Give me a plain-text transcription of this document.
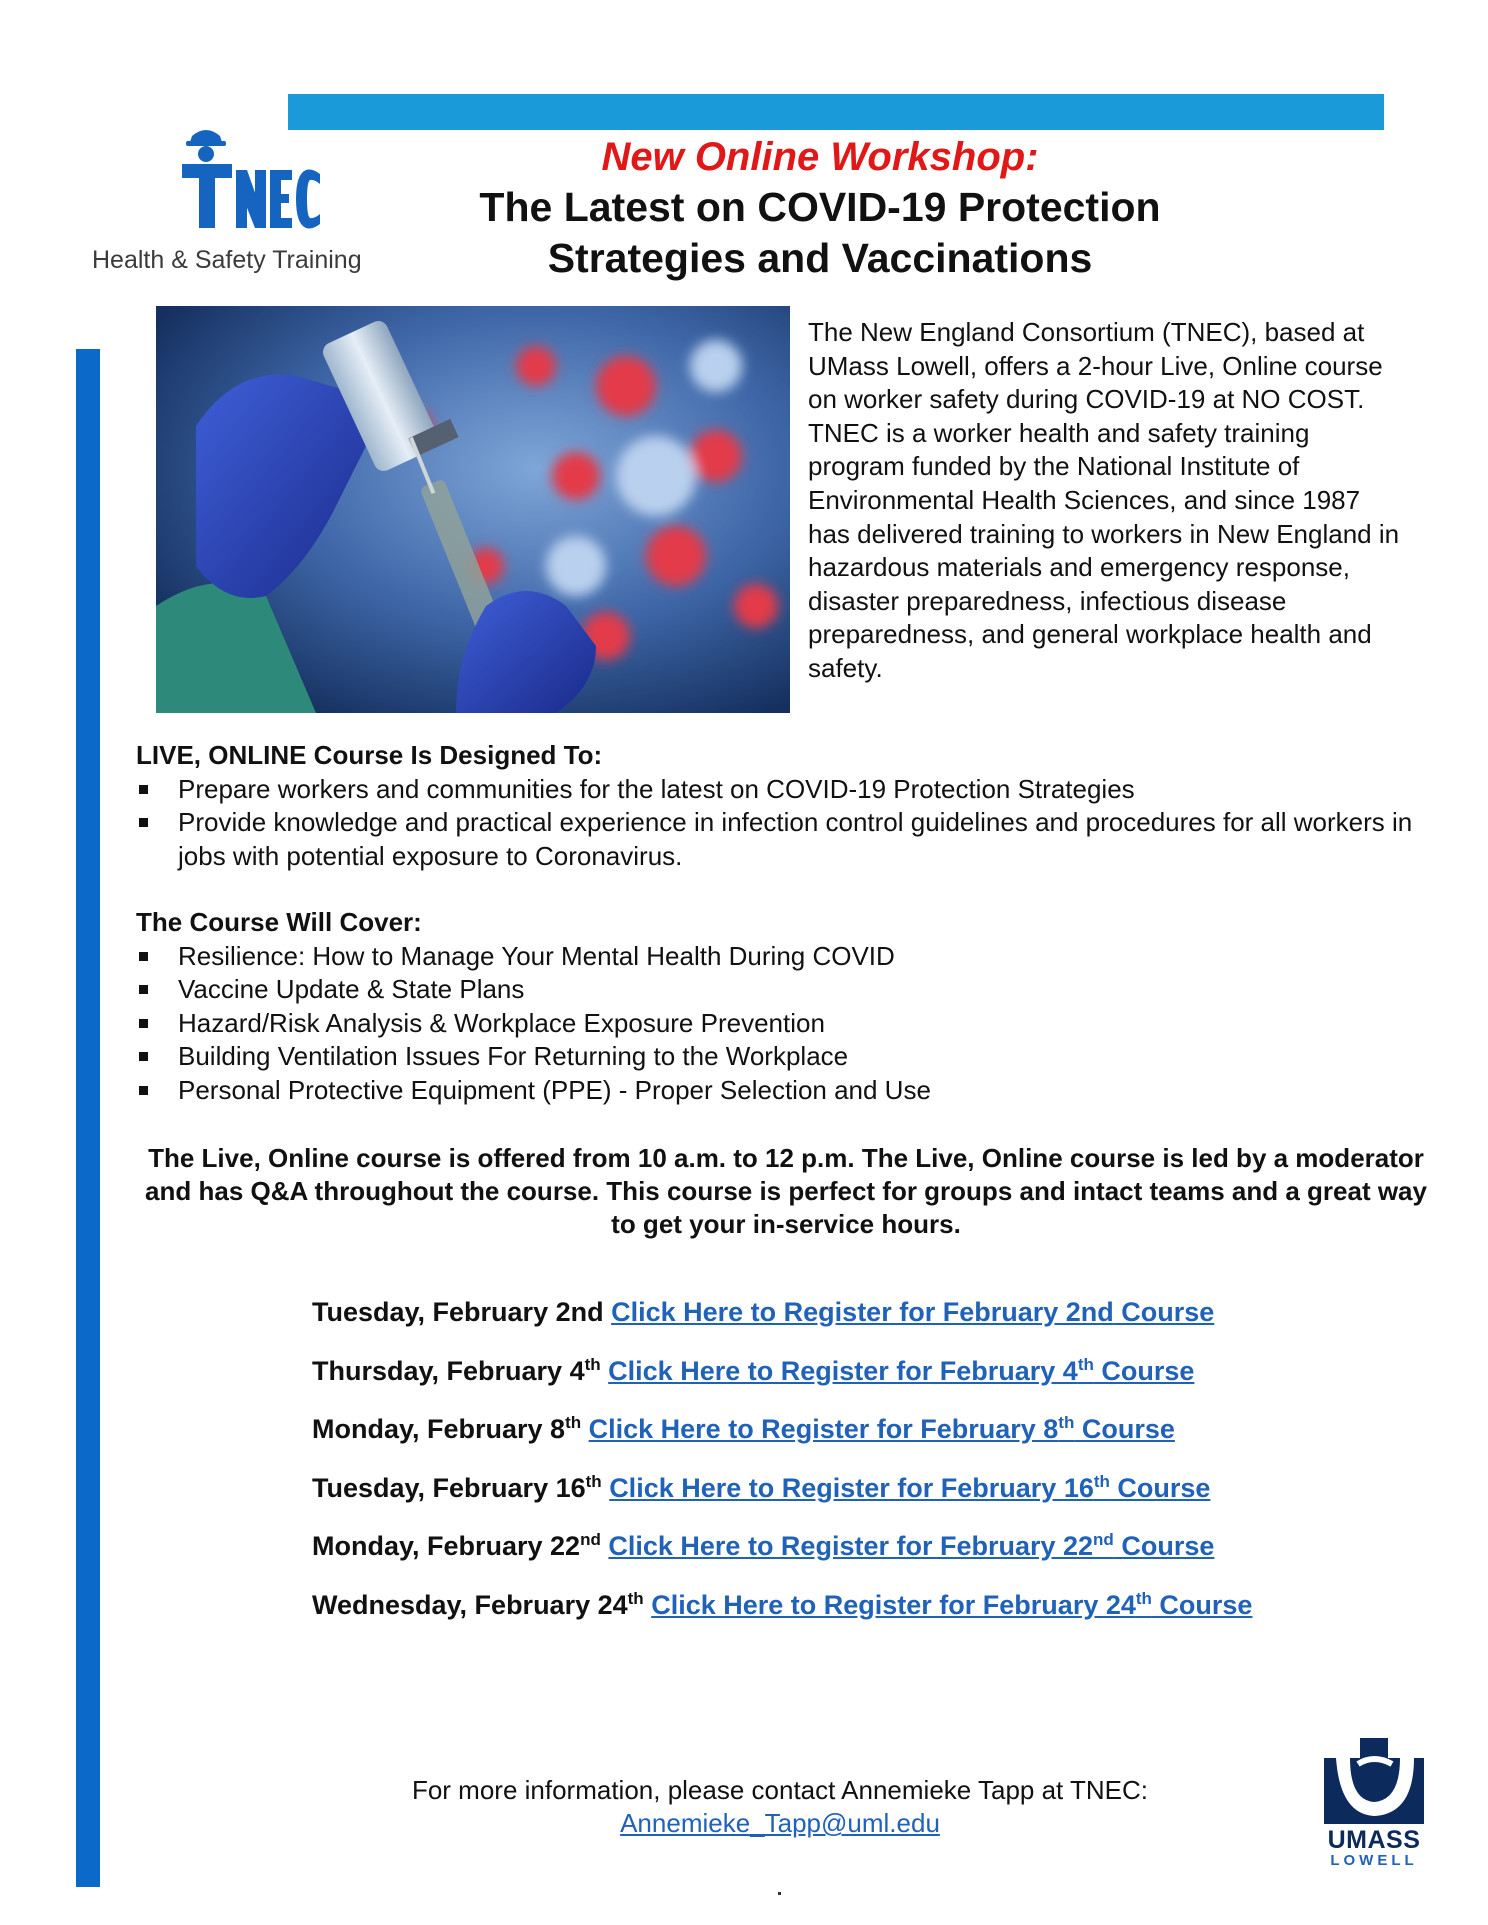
Health & Safety Training
New Online Workshop:
The Latest on COVID-19 Protection
Strategies and Vaccinations
The New England Consortium (TNEC), based at UMass Lowell, offers a 2-hour Live, Online course on worker safety during COVID-19 at NO COST. TNEC is a worker health and safety training program funded by the National Institute of Environmental Health Sciences, and since 1987 has delivered training to workers in New England in hazardous materials and emergency response, disaster preparedness, infectious disease preparedness, and general workplace health and safety.
LIVE, ONLINE Course Is Designed To:
Prepare workers and communities for the latest on COVID-19 Protection Strategies
Provide knowledge and practical experience in infection control guidelines and procedures for all workers in jobs with potential exposure to Coronavirus.
The Course Will Cover:
Resilience: How to Manage Your Mental Health During COVID
Vaccine Update & State Plans
Hazard/Risk Analysis & Workplace Exposure Prevention
Building Ventilation Issues For Returning to the Workplace
Personal Protective Equipment (PPE) - Proper Selection and Use
The Live, Online course is offered from 10 a.m. to 12 p.m. The Live, Online course is led by a moderator and has Q&A throughout the course. This course is perfect for groups and intact teams and a great way to get your in-service hours.
Tuesday, February 2nd Click Here to Register for February 2nd Course
Thursday, February 4th Click Here to Register for February 4th Course
Monday, February 8th Click Here to Register for February 8th Course
Tuesday, February 16th Click Here to Register for February 16th Course
Monday, February 22nd Click Here to Register for February 22nd Course
Wednesday, February 24th Click Here to Register for February 24th Course
For more information, please contact Annemieke Tapp at TNEC:
Annemieke_Tapp@uml.edu
UMASS
LOWELL
